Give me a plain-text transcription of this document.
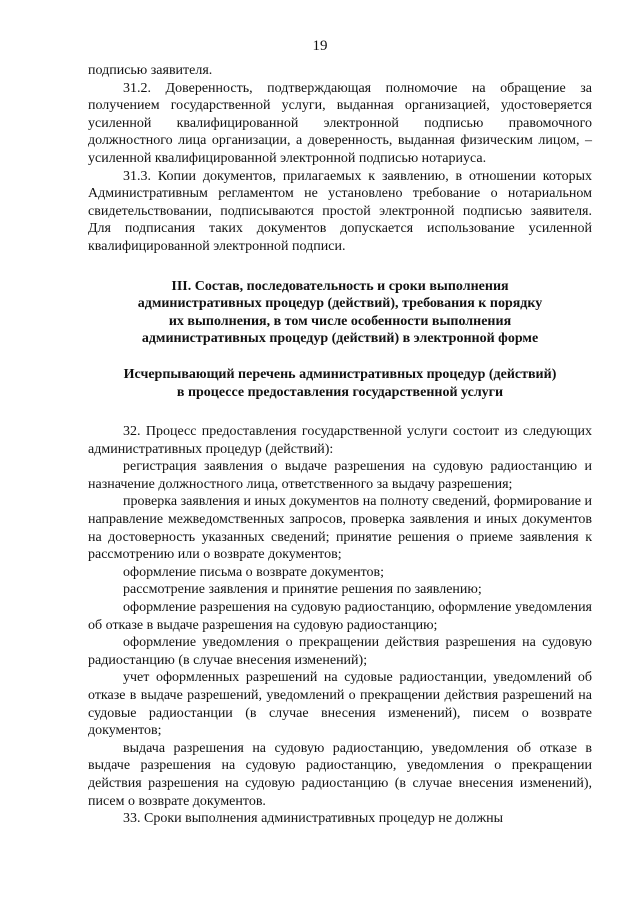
19

подписью заявителя.

31.2. Доверенность, подтверждающая полномочие на обращение за получением государственной услуги, выданная организацией, удостоверяется усиленной квалифицированной электронной подписью правомочного должностного лица организации, а доверенность, выданная физическим лицом, – усиленной квалифицированной электронной подписью нотариуса.

31.3. Копии документов, прилагаемых к заявлению, в отношении которых Административным регламентом не установлено требование о нотариальном свидетельствовании, подписываются простой электронной подписью заявителя. Для подписания таких документов допускается использование усиленной квалифицированной электронной подписи.

III. Состав, последовательность и сроки выполнения

административных процедур (действий), требования к порядку

их выполнения, в том числе особенности выполнения

административных процедур (действий) в электронной форме

Исчерпывающий перечень административных процедур (действий)

в процессе предоставления государственной услуги

32. Процесс предоставления государственной услуги состоит из следующих административных процедур (действий):

регистрация заявления о выдаче разрешения на судовую радиостанцию и назначение должностного лица, ответственного за выдачу разрешения;

проверка заявления и иных документов на полноту сведений, формирование и направление межведомственных запросов, проверка заявления и иных документов на достоверность указанных сведений; принятие решения о приеме заявления к рассмотрению или о возврате документов;

оформление письма о возврате документов;

рассмотрение заявления и принятие решения по заявлению;

оформление разрешения на судовую радиостанцию, оформление уведомления об отказе в выдаче разрешения на судовую радиостанцию;

оформление уведомления о прекращении действия разрешения на судовую радиостанцию (в случае внесения изменений);

учет оформленных разрешений на судовые радиостанции, уведомлений об отказе в выдаче разрешений, уведомлений о прекращении действия разрешений на судовые радиостанции (в случае внесения изменений), писем о возврате документов;

выдача разрешения на судовую радиостанцию, уведомления об отказе в выдаче разрешения на судовую радиостанцию, уведомления о прекращении действия разрешения на судовую радиостанцию (в случае внесения изменений), писем о возврате документов.

33. Сроки выполнения административных процедур не должны
